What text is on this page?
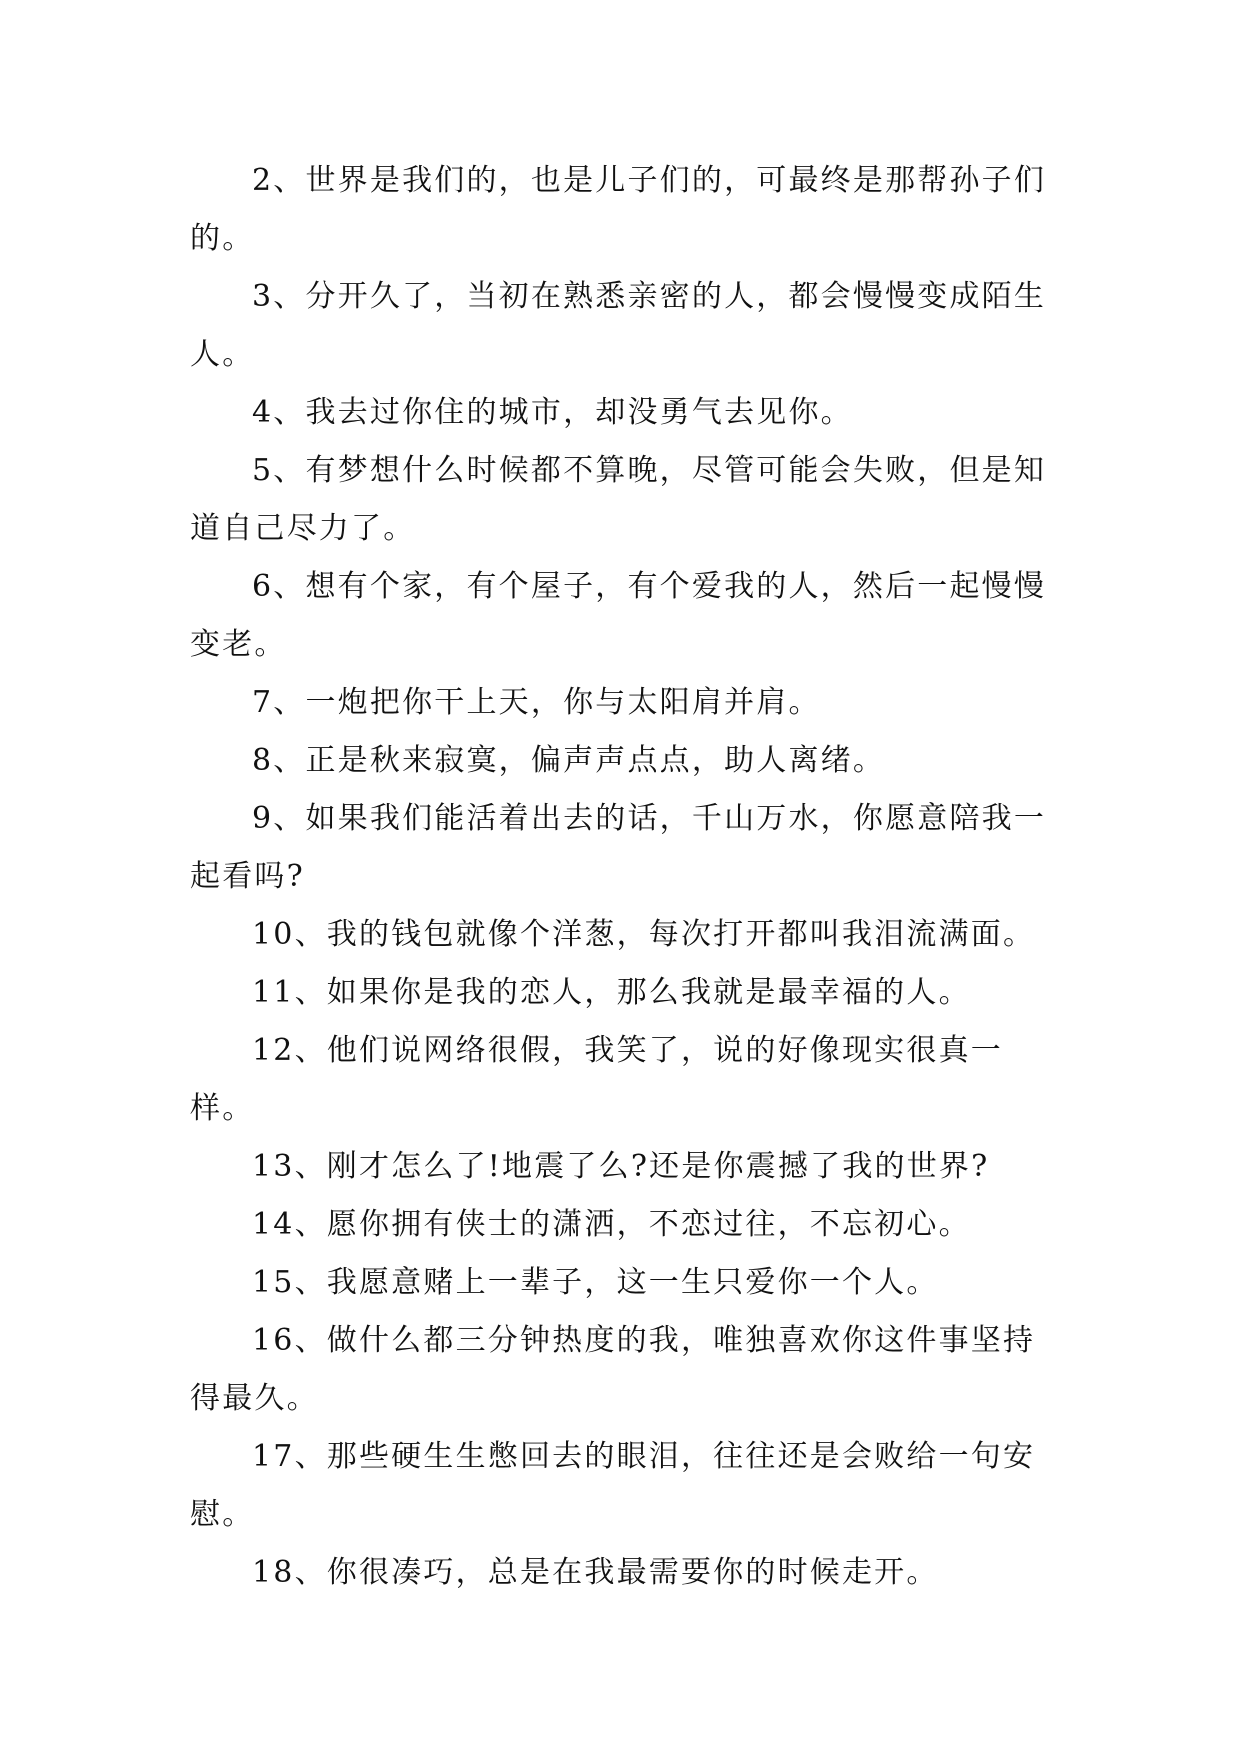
2、世界是我们的，也是儿子们的，可最终是那帮孙子们的。

3、分开久了，当初在熟悉亲密的人，都会慢慢变成陌生人。

4、我去过你住的城市，却没勇气去见你。

5、有梦想什么时候都不算晚，尽管可能会失败，但是知道自己尽力了。

6、想有个家，有个屋子，有个爱我的人，然后一起慢慢变老。

7、一炮把你干上天，你与太阳肩并肩。

8、正是秋来寂寞，偏声声点点，助人离绪。

9、如果我们能活着出去的话，千山万水，你愿意陪我一起看吗?

10、我的钱包就像个洋葱，每次打开都叫我泪流满面。

11、如果你是我的恋人，那么我就是最幸福的人。

12、他们说网络很假，我笑了，说的好像现实很真一样。

13、刚才怎么了!地震了么?还是你震撼了我的世界?

14、愿你拥有侠士的潇洒，不恋过往，不忘初心。

15、我愿意赌上一辈子，这一生只爱你一个人。

16、做什么都三分钟热度的我，唯独喜欢你这件事坚持得最久。

17、那些硬生生憋回去的眼泪，往往还是会败给一句安慰。

18、你很凑巧，总是在我最需要你的时候走开。
